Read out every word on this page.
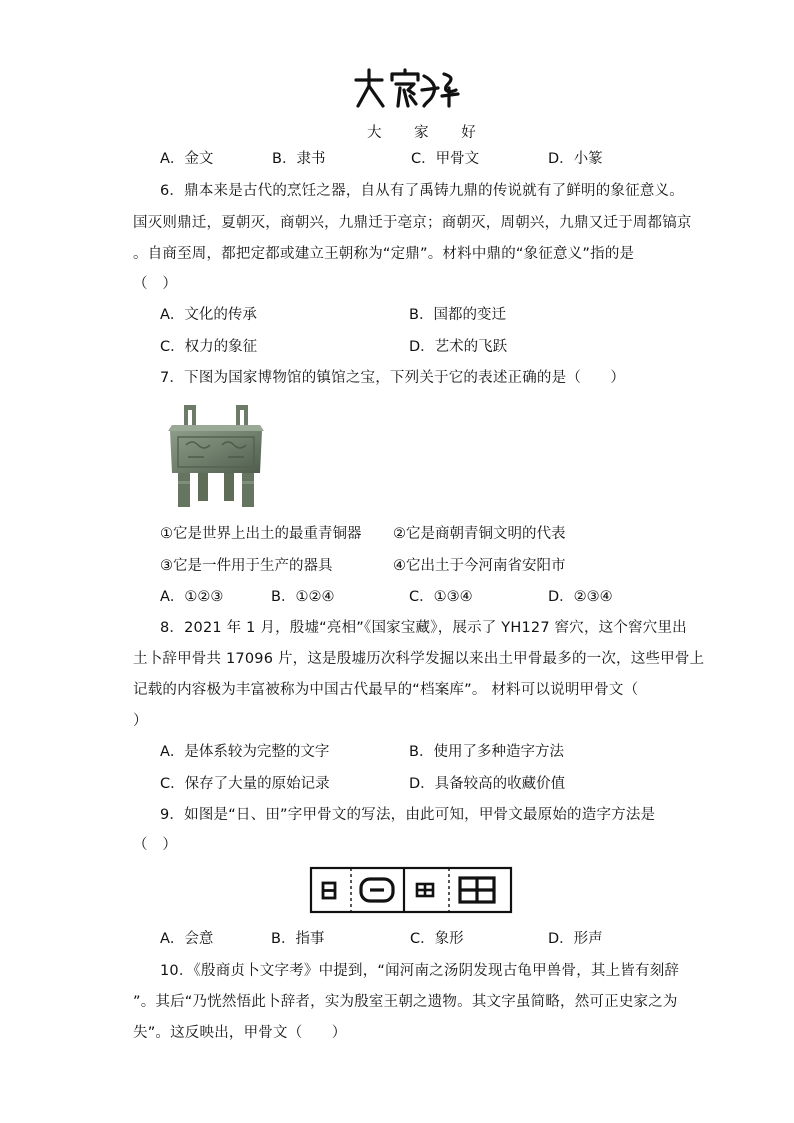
大 家 好
A．金文	B．隶书	C．甲骨文	D．小篆
6．鼎本来是古代的烹饪之器，自从有了禹铸九鼎的传说就有了鲜明的象征意义。
国灭则鼎迁，夏朝灭，商朝兴，九鼎迁于亳京；商朝灭，周朝兴，九鼎又迁于周都镐京
。自商至周，都把定都或建立王朝称为“定鼎”。材料中鼎的“象征意义”指的是
（　）
A．文化的传承	B．国都的变迁
C．权力的象征	D．艺术的飞跃
7．下图为国家博物馆的镇馆之宝，下列关于它的表述正确的是（　　）
①它是世界上出土的最重青铜器 ②它是商朝青铜文明的代表
③它是一件用于生产的器具	④它出土于今河南省安阳市
A．①②③	B．①②④	C．①③④	D．②③④
8．2021 年 1 月，殷墟“亮相”《国家宝藏》，展示了 YH127 窖穴，这个窖穴里出
土卜辞甲骨共 17096 片，这是殷墟历次科学发掘以来出土甲骨最多的一次，这些甲骨上
记载的内容极为丰富被称为中国古代最早的“档案库”。 材料可以说明甲骨文（
）
A．是体系较为完整的文字	B．使用了多种造字方法
C．保存了大量的原始记录	D．具备较高的收藏价值
9．如图是“日、田”字甲骨文的写法，由此可知，甲骨文最原始的造字方法是
（　）
A．会意	B．指事	C．象形	D．形声
10．《殷商贞卜文字考》中提到，“闻河南之汤阴发现古龟甲兽骨，其上皆有刻辞
”。其后“乃恍然悟此卜辞者，实为殷室王朝之遗物。其文字虽简略，然可正史家之为
失”。这反映出，甲骨文（　　）
